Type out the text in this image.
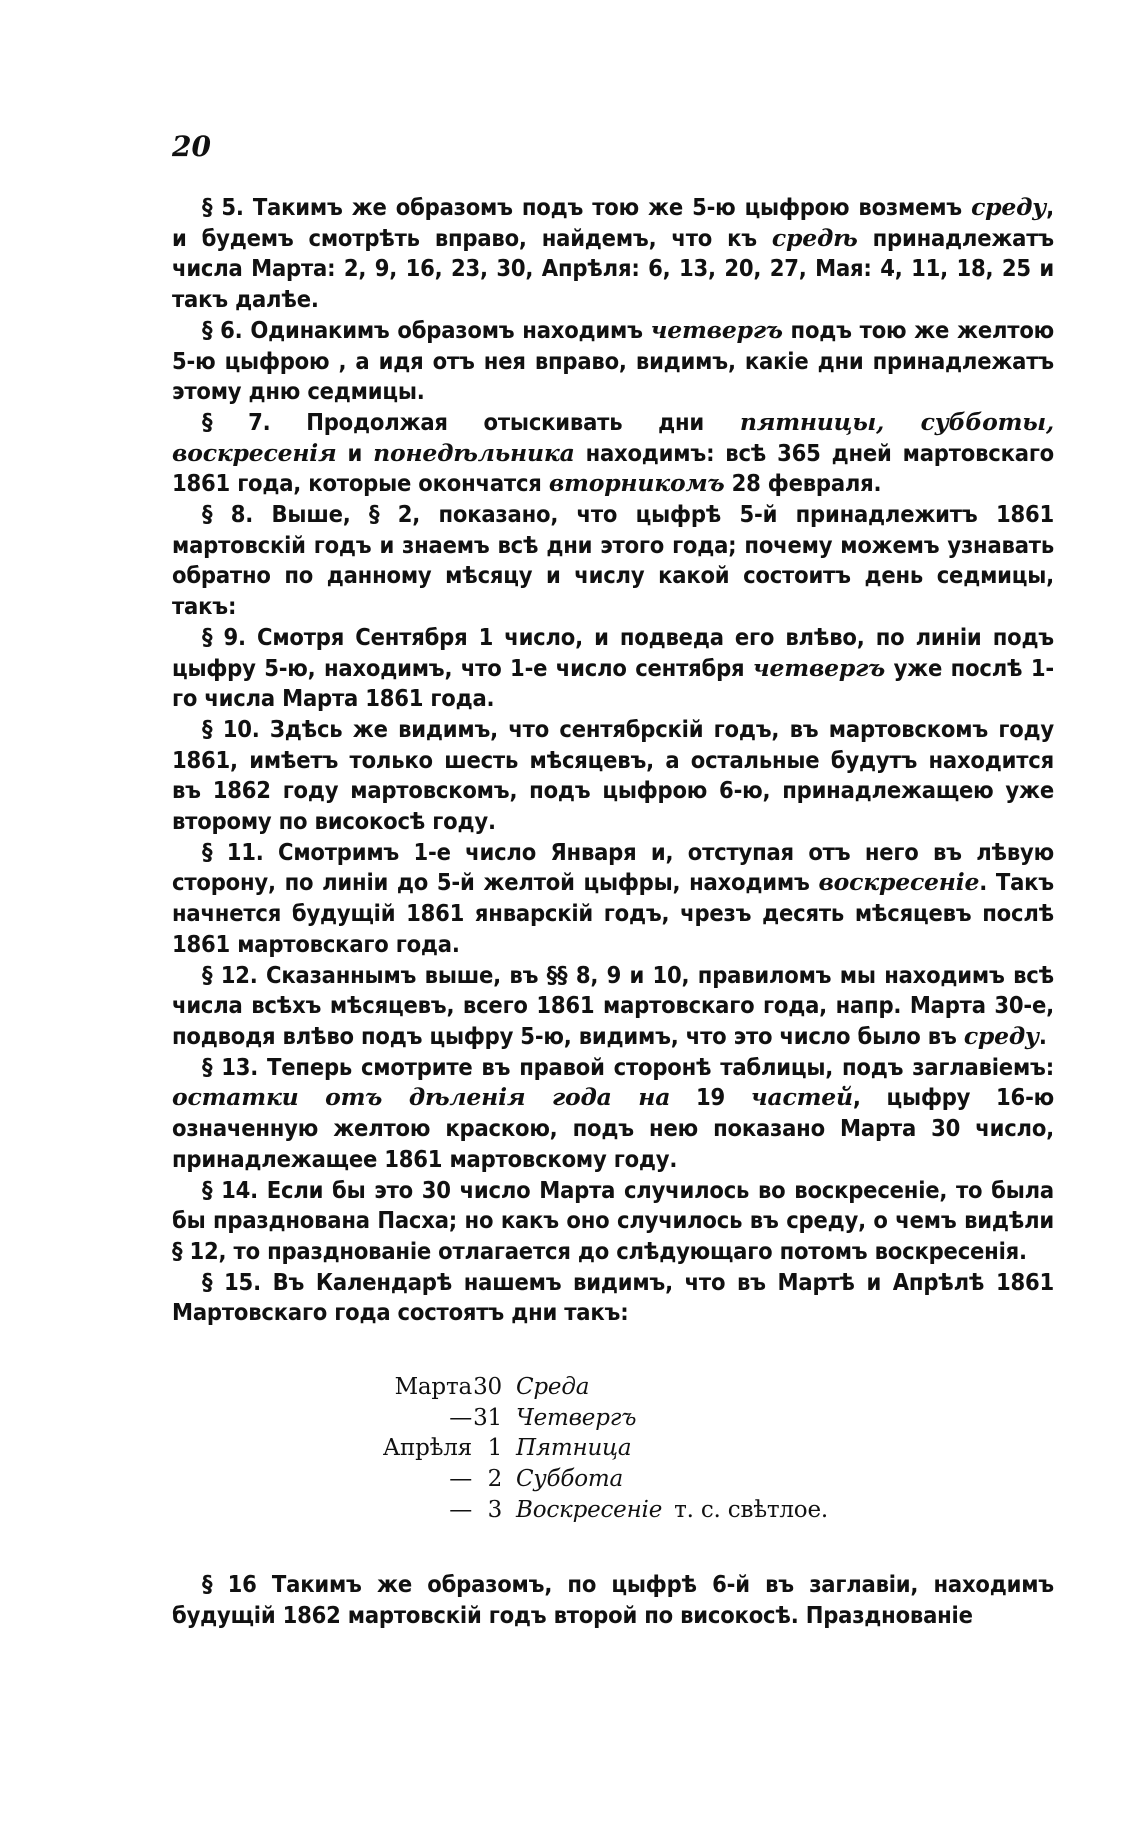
20

§ 5. Такимъ же образомъ подъ тою же 5-ю цыфрою возмемъ среду, и будемъ смотрѣть вправо, найдемъ, что къ средѣ принадлежатъ числа Марта: 2, 9, 16, 23, 30, Апрѣля: 6, 13, 20, 27, Мая: 4, 11, 18, 25 и такъ далѣе.

§ 6. Одинакимъ образомъ находимъ четвергъ подъ тою же желтою 5-ю цыфрою , а идя отъ нея вправо, видимъ, какіе дни принадлежатъ этому дню седмицы.

§ 7. Продолжая отыскивать дни пятницы, субботы, воскресенія и понедѣльника находимъ: всѣ 365 дней мартовскаго 1861 года, которые окончатся вторникомъ 28 февраля.

§ 8. Выше, § 2, показано, что цыфрѣ 5-й принадлежитъ 1861 мартовскій годъ и знаемъ всѣ дни этого года; почему можемъ узнавать обратно по данному мѣсяцу и числу какой состоитъ день седмицы, такъ:

§ 9. Смотря Сентября 1 число, и подведа его влѣво, по линіи подъ цыфру 5-ю, находимъ, что 1-е число сентября четвергъ уже послѣ 1-го числа Марта 1861 года.

§ 10. Здѣсь же видимъ, что сентябрскій годъ, въ мартовскомъ году 1861, имѣетъ только шесть мѣсяцевъ, а остальные будутъ находится въ 1862 году мартовскомъ, подъ цыфрою 6-ю, принадлежащею уже второму по високосѣ году.

§ 11. Смотримъ 1-е число Января и, отступая отъ него въ лѣвую сторону, по линіи до 5-й желтой цыфры, находимъ воскресеніе. Такъ начнется будущій 1861 январскій годъ, чрезъ десять мѣсяцевъ послѣ 1861 мартовскаго года.

§ 12. Сказаннымъ выше, въ §§ 8, 9 и 10, правиломъ мы находимъ всѣ числа всѣхъ мѣсяцевъ, всего 1861 мартовскаго года, напр. Марта 30-е, подводя влѣво подъ цыфру 5-ю, видимъ, что это число было въ среду.

§ 13. Теперь смотрите въ правой сторонѣ таблицы, подъ заглавіемъ: остатки отъ дѣленія года на 19 частей, цыфру 16-ю означенную желтою краскою, подъ нею показано Марта 30 число, принадлежащее 1861 мартовскому году.

§ 14. Если бы это 30 число Марта случилось во воскресеніе, то была бы празднована Пасха; но какъ оно случилось въ среду, о чемъ видѣли § 12, то празднованіе отлагается до слѣдующаго потомъ воскресенія.

§ 15. Въ Календарѣ нашемъ видимъ, что въ Мартѣ и Апрѣлѣ 1861 Мартовскаго года состоятъ дни такъ:

Марта 30 Среда
— 31 Четвергъ
Апрѣля 1 Пятница
— 2 Суббота
— 3 Воскресеніе т. с. свѣтлое.

§ 16 Такимъ же образомъ, по цыфрѣ 6-й въ заглавіи, находимъ будущій 1862 мартовскій годъ второй по високосѣ. Празднованіе
